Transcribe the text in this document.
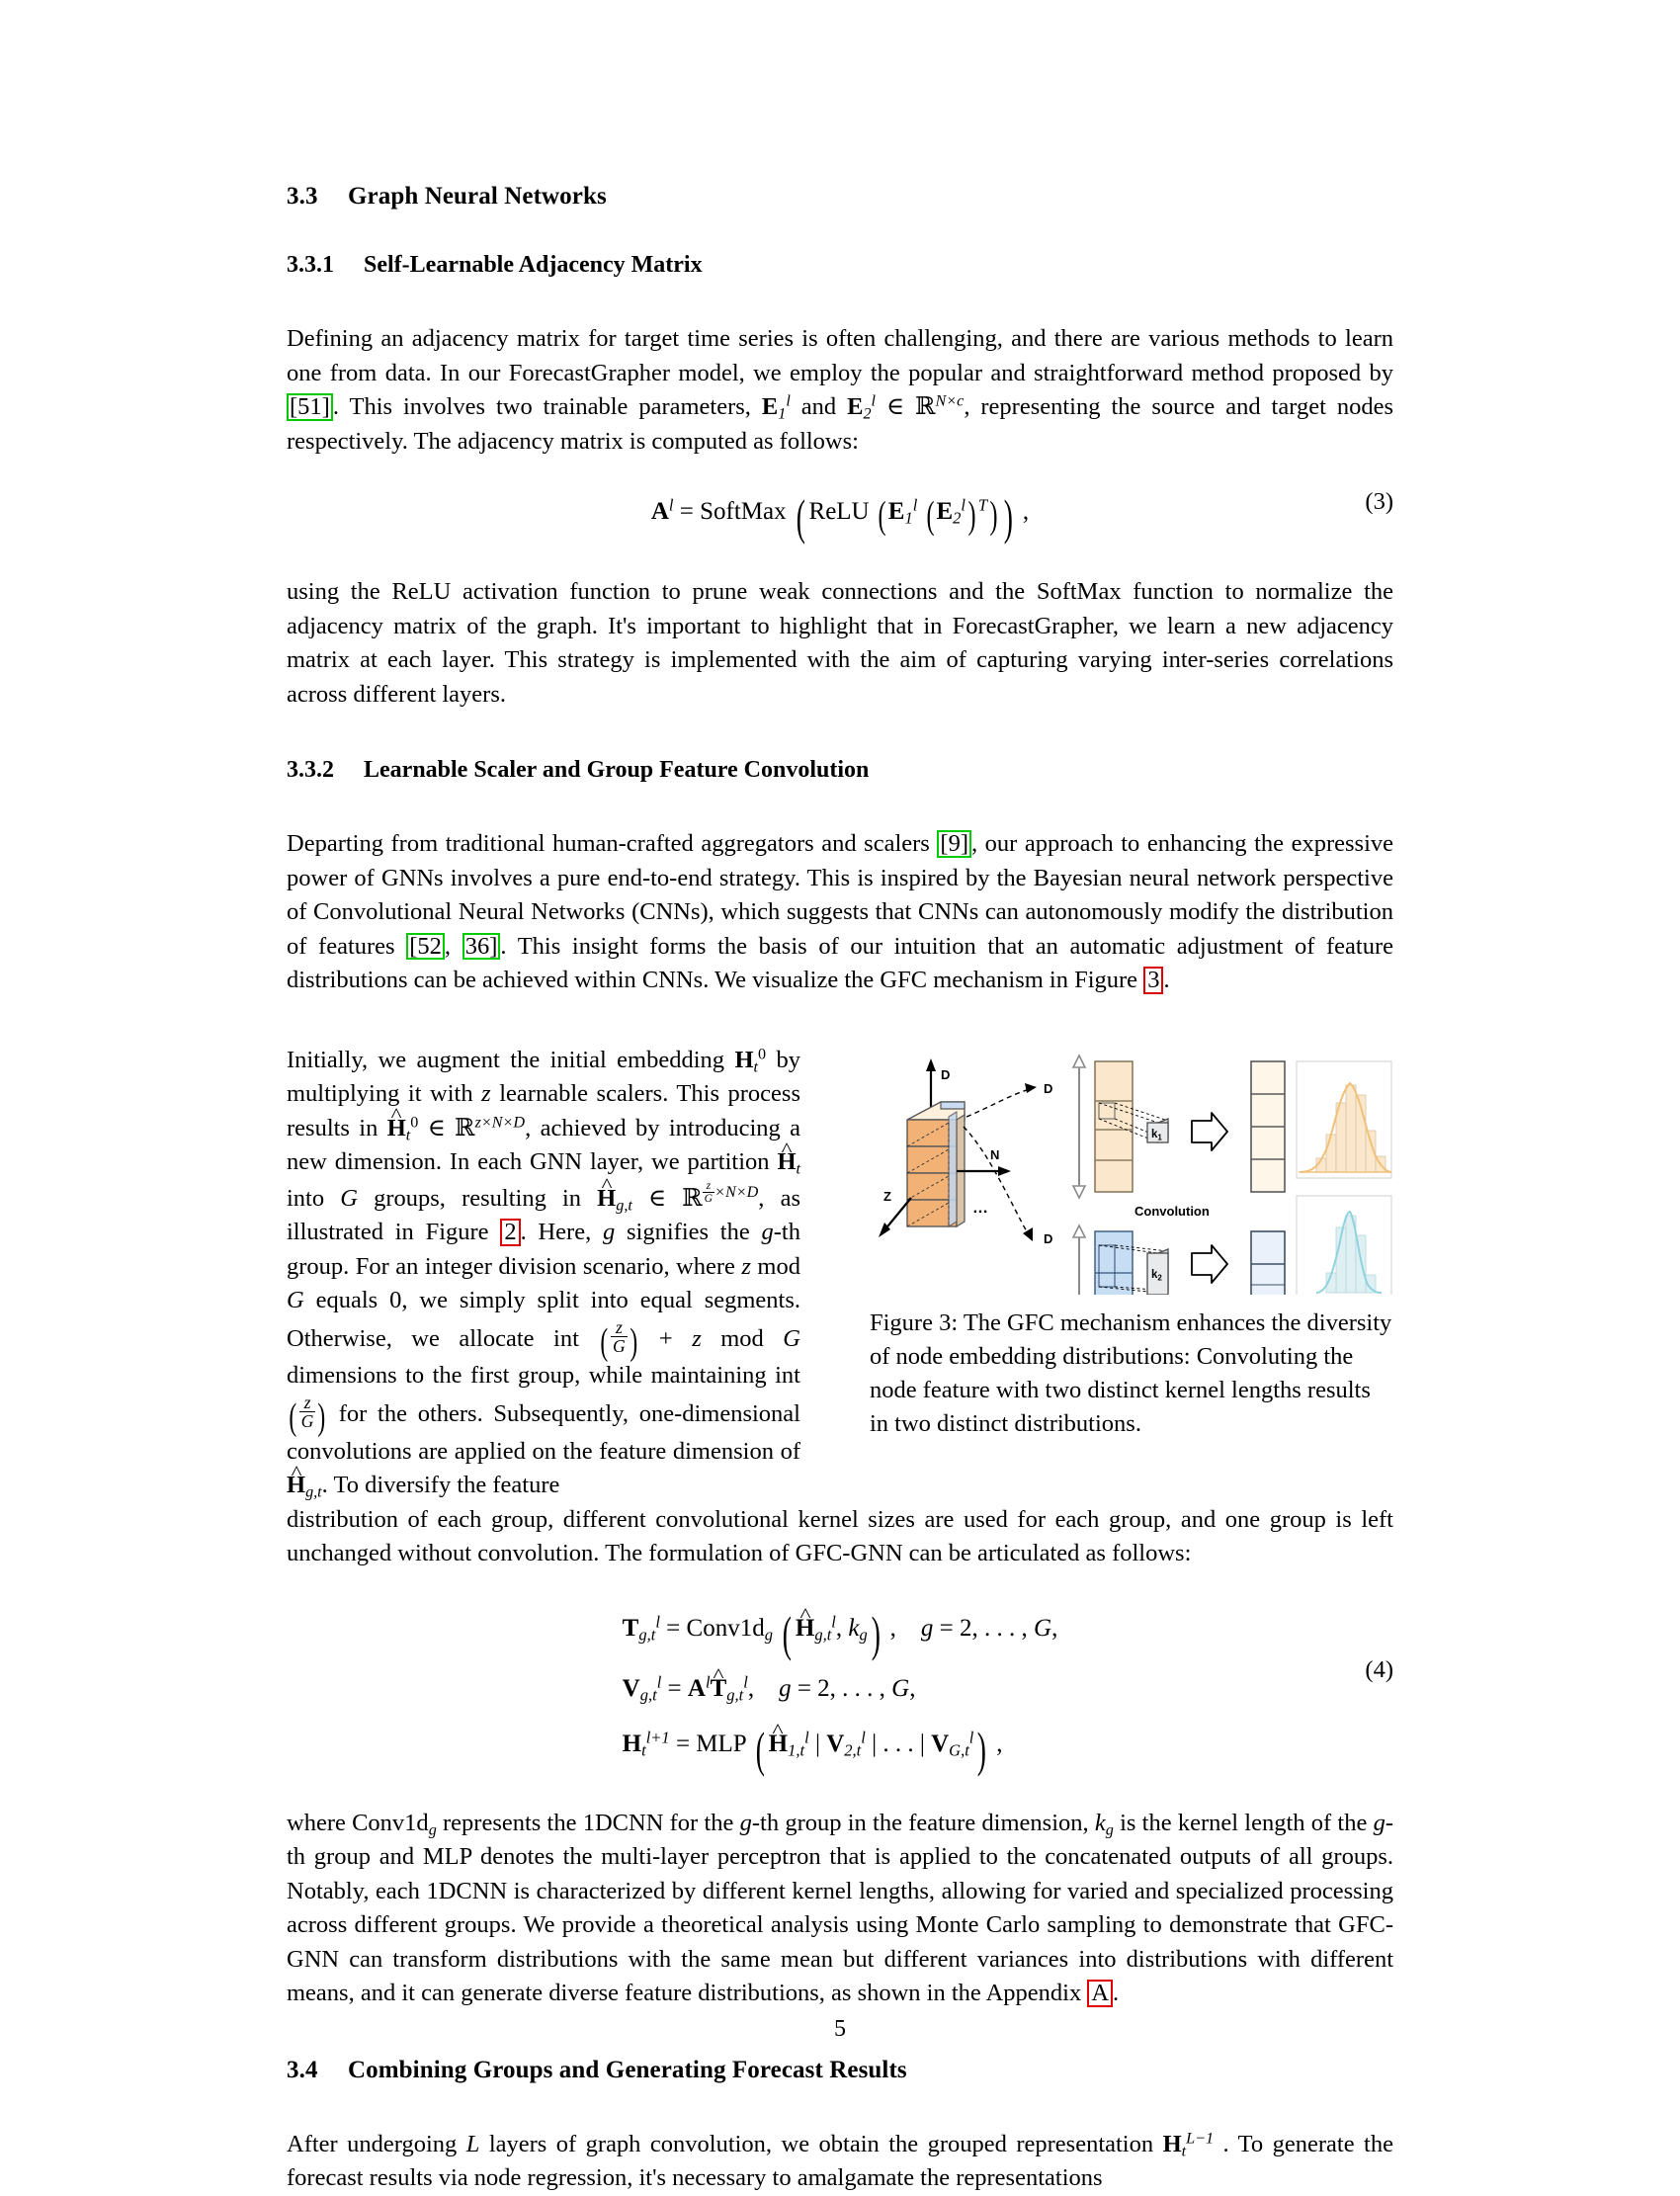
3.3 Graph Neural Networks
3.3.1 Self-Learnable Adjacency Matrix

Defining an adjacency matrix for target time series is often challenging, and there are various methods to learn one from data. In our ForecastGrapher model, we employ the popular and straightforward method proposed by [51] . This involves two trainable parameters, $E_1^l$ and $E_2^l$ ∈ ℝ$^{N\times c}$, representing the source and target nodes respectively. The adjacency matrix is computed as follows:

$A^l$ = SoftMax ( ReLU ($E_1^l$ $(E_2^l)$ $^T$) ) ,	(3)

using the ReLU activation function to prune weak connections and the SoftMax function to normalize the adjacency matrix of the graph. It's important to highlight that in ForecastGrapher, we learn a new adjacency matrix at each layer. This strategy is implemented with the aim of capturing varying inter-series correlations across different layers.

3.3.2 Learnable Scaler and Group Feature Convolution

Departing from traditional human-crafted aggregators and scalers [9] , our approach to enhancing the expressive power of GNNs involves a pure end-to-end strategy. This is inspired by the Bayesian neural network perspective of Convolutional Neural Networks (CNNs), which suggests that CNNs can autonomously modify the distribution of features [52 , 36] . This insight forms the basis of our intuition that an automatic adjustment of feature distributions can be achieved within CNNs. We visualize the GFC mechanism in Figure 3 .

D
N
Z
…
D
D
$k_1$
Convolution
$k_2$
Figure 3: The GFC mechanism enhances the diversity of node embedding distributions: Convoluting the node feature with two distinct kernel lengths results in two distinct distributions.

Initially, we augment the initial embedding $H_t^0$ by multiplying it with z learnable scalers. This process results in ^ $H_t^0$ ∈ ℝ$^{z\times N\times D}$, achieved by introducing a new dimension. In each GNN layer, we partition ^ $H_t$ into G groups, resulting in ^ $H_{g,t}$ ∈ ℝ $^{\frac{z}{G} \times N\times D}$, as illustrated in Figure 2 . Here, g signifies the g-th group. For an integer division scenario, where z mod G equals 0, we simply split into equal segments. Otherwise, we allocate int ( $\frac{z}{G}$ ) + z mod G dimensions to the first group, while maintaining int ( $\frac{z}{G}$ ) for the others. Subsequently, one-dimensional convolutions are applied on the feature dimension of ^ $H_{g,t}$. To diversify the feature

distribution of each group, different convolutional kernel sizes are used for each group, and one group is left unchanged without convolution. The formulation of GFC-GNN can be articulated as follows:

$T_{g,t}^l$ = $Conv1d_g$ ( ^ $H_{g,t}^l$, $k_g$) ,    g = 2, . . . , G,
$V_{g,t}^l$ = $A^l\^{}$ $T_{g,t}^l$,    g = 2, . . . , G,
$H_t^{l+1}$ = MLP ( ^ $H_{1,t}^l$ | $V_{2,t}^l$ | . . . | $V_{G,t}^l$) ,
(4)

where $Conv1d_g$ represents the 1DCNN for the g-th group in the feature dimension, $k_g$ is the kernel length of the g-th group and MLP denotes the multi-layer perceptron that is applied to the concatenated outputs of all groups. Notably, each 1DCNN is characterized by different kernel lengths, allowing for varied and specialized processing across different groups. We provide a theoretical analysis using Monte Carlo sampling to demonstrate that GFC-GNN can transform distributions with the same mean but different variances into distributions with different means, and it can generate diverse feature distributions, as shown in the Appendix A .

3.4 Combining Groups and Generating Forecast Results

After undergoing L layers of graph convolution, we obtain the grouped representation $H_t^{L-1}$ . To generate the forecast results via node regression, it's necessary to amalgamate the representations

5
